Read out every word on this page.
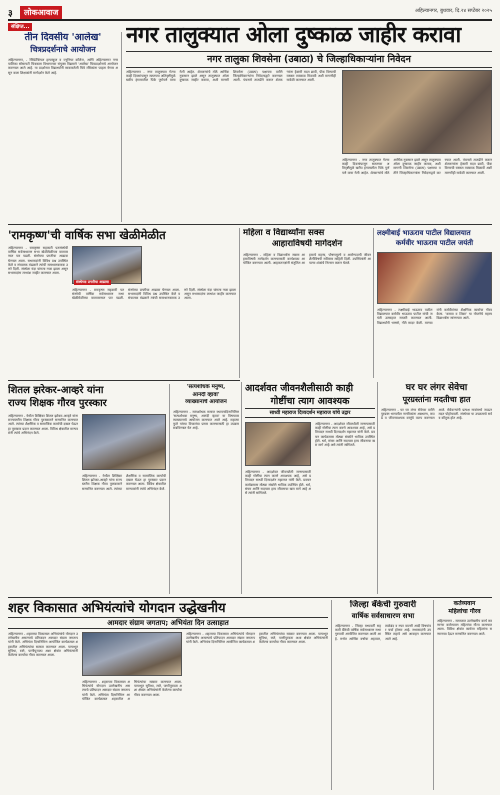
३	लोकआवाज	अहिल्यानगर, बुधवार, दि.२४ सप्टेंबर २०२५
संक्षिप्त...
तीन दिवसीय 'आलेख'
चित्रप्रदर्शनाचे आयोजन
अहिल्यानगर, - रेसिडेन्शियल हायस्कूल व ज्युनियर कॉलेज, आणि अहिल्यानगर नगरपालिका सोसायटी चित्रकला विभागाच्या संयुक्त विद्यमाने 'आलेख' चित्रप्रदर्शनाचे आयोजन करण्यात आले आहे. या प्रदर्शनात विद्यार्थ्यांनी साकारलेली चित्रे रसिकांना पाहता येणार असून कला शिक्षकांनी मार्गदर्शन केले आहे.
नगर तालुक्यात ओला दुष्काळ जाहीर करावा
नगर तालुका शिवसेना (उबाठा) चे जिल्हाधिकाऱ्यांना निवेदन
अहिल्यानगर - नगर तालुक्यात गेल्या काही दिवसांपासून सततच्या अतिवृष्टीमुळे खरीप हंगामातील पिके पूर्णपणे वाया गेली आहेत. शेतकऱ्यांचे मोठे आर्थिक नुकसान झाले असून तालुक्यात ओला दुष्काळ जाहीर करावा, अशी मागणी शिवसेना (उबाठा) पक्षाच्या वतीने जिल्हाधिकाऱ्यांना निवेदनाद्वारे करण्यात आली. पंचनामे तातडीने करून शेतकऱ्यांना हेक्टरी मदत द्यावी, पीक विम्याची रक्कम तात्काळ मिळावी अशी मागणीही यावेळी करण्यात आली.
अहिल्यानगर - नगर तालुक्यात गेल्या काही दिवसांपासून सततच्या अतिवृष्टीमुळे खरीप हंगामातील पिके पूर्णपणे वाया गेली आहेत. शेतकऱ्यांचे मोठे आर्थिक नुकसान झाले असून तालुक्यात ओला दुष्काळ जाहीर करावा, अशी मागणी शिवसेना (उबाठा) पक्षाच्या वतीने जिल्हाधिकाऱ्यांना निवेदनाद्वारे करण्यात आली. पंचनामे तातडीने करून शेतकऱ्यांना हेक्टरी मदत द्यावी, पीक विम्याची रक्कम तात्काळ मिळावी अशी मागणीही यावेळी करण्यात आली.
'रामकृष्ण'ची वार्षिक सभा खेळीमेळीत
संस्थेच्या प्रगतीचा आढावा
अहिल्यानगर - रामकृष्ण सहकारी पतसंस्थेची वार्षिक सर्वसाधारण सभा खेळीमेळीच्या वातावरणात पार पडली. संस्थेच्या प्रगतीचा आढावा घेण्यात आला. सभासदांनी विविध प्रश्न उपस्थित केले व संचालक मंडळाने त्यांची समाधानकारक उत्तरे दिली. संस्थेला यंदा चांगला नफा झाला असून सभासदांना लाभांश जाहीर करण्यात आला.
अहिल्यानगर - रामकृष्ण सहकारी पतसंस्थेची वार्षिक सर्वसाधारण सभा खेळीमेळीच्या वातावरणात पार पडली. संस्थेच्या प्रगतीचा आढावा घेण्यात आला. सभासदांनी विविध प्रश्न उपस्थित केले व संचालक मंडळाने त्यांची समाधानकारक उत्तरे दिली. संस्थेला यंदा चांगला नफा झाला असून सभासदांना लाभांश जाहीर करण्यात आला.
महिला व विद्यार्थ्यांना सक्स
आहाराविषयी मार्गदर्शन
अहिल्यानगर - महिला व विद्यार्थ्यांना सकस आहाराविषयी मार्गदर्शन करण्यासाठी कार्यशाळा आयोजित करण्यात आली. आहारतज्ज्ञांनी संतुलित आहाराचे महत्त्व, पोषणमूल्ये व आरोग्यदायी जीवनशैलीविषयी सविस्तर माहिती दिली. उपस्थितांनी आपल्या शंकांचे निरसन करून घेतले.
लक्ष्मीबाई भाऊराव पाटील विद्यालयात
कर्मवीर भाऊराव पाटील जयंती
अहिल्यानगर - लक्ष्मीबाई भाऊराव पाटील विद्यालयात कर्मवीर भाऊराव पाटील यांची जयंती उत्साहात साजरी करण्यात आली. विद्यार्थ्यांनी भाषणे, गीते सादर केली. मान्यवरांनी कर्मवीरांच्या शैक्षणिक कार्याचा गौरव केला. 'कमवा व शिका' या योजनेचे महत्त्व विद्यार्थ्यांना सांगण्यात आले.
शितल झरेकर-आव्हरे यांना
राज्य शिक्षक गौरव पुरस्कार
अहिल्यानगर - येथील शिक्षिका शितल झरेकर-आव्हरे यांना राज्यस्तरीय शिक्षक गौरव पुरस्काराने सन्मानित करण्यात आले. त्यांच्या शैक्षणिक व सामाजिक कार्याची दखल घेऊन हा पुरस्कार प्रदान करण्यात आला. विविध क्षेत्रातील मान्यवरांनी त्यांचे अभिनंदन केले.
अहिल्यानगर - येथील शिक्षिका शितल झरेकर-आव्हरे यांना राज्यस्तरीय शिक्षक गौरव पुरस्काराने सन्मानित करण्यात आले. त्यांच्या शैक्षणिक व सामाजिक कार्याची दखल घेऊन हा पुरस्कार प्रदान करण्यात आला. विविध क्षेत्रातील मान्यवरांनी त्यांचे अभिनंदन केले.
'सत्यशोधक मनुष्य,
आनंदी व्हावा'
व्याख्यानाचे आयोजन
अहिल्यानगर - सत्यशोधक समाज स्थापनादिनानिमित्त 'सत्यशोधक मनुष्य, आनंदी व्हावा' या विषयावर व्याख्यानाचे आयोजन करण्यात आले आहे. महात्मा फुले यांच्या विचारांचा प्रसार करण्यासाठी हा उपक्रम राबविण्यात येत आहे.
आदर्शवत जीवनशैलीसाठी काही
गोष्टींचा त्याग आवश्यक
साध्वी महाराज दिव्यदर्शन महाराज यांचे उद्गार
अहिल्यानगर - आदर्शवत जीवनशैली जगण्यासाठी काही गोष्टींचा त्याग करणे आवश्यक आहे, असे प्रतिपादन साध्वी दिव्यदर्शन महाराज यांनी केले. प्रवचन कार्यक्रमास मोठ्या संख्येने भाविक उपस्थित होते. धर्म, संयम आणि सदाचार हाच जीवनाचा खरा मार्ग आहे असे त्यांनी सांगितले.
अहिल्यानगर - आदर्शवत जीवनशैली जगण्यासाठी काही गोष्टींचा त्याग करणे आवश्यक आहे, असे प्रतिपादन साध्वी दिव्यदर्शन महाराज यांनी केले. प्रवचन कार्यक्रमास मोठ्या संख्येने भाविक उपस्थित होते. धर्म, संयम आणि सदाचार हाच जीवनाचा खरा मार्ग आहे असे त्यांनी सांगितले.
घर घर लंगर सेवेचा
पूरग्रस्तांना मदतीचा हात
अहिल्यानगर - घर घर लंगर सेवेच्या वतीने पूरग्रस्त भागातील नागरिकांना अन्नधान्य, कपडे व जीवनावश्यक वस्तूंचे वाटप करण्यात आले. सेवेकऱ्यांनी प्रत्यक्ष गावांमध्ये जाऊन मदत पोहोचवली. संस्थेच्या या उपक्रमाचे सर्वत्र कौतुक होत आहे.
शहर विकासात अभियंत्यांचे योगदान उद्धेखनीय
आमदार संग्राम जगताप; अभियंता दिन उत्साहात
अहिल्यानगर - शहराच्या विकासात अभियंत्यांचे योगदान उल्लेखनीय असल्याचे प्रतिपादन आमदार संग्राम जगताप यांनी केले. अभियंता दिनानिमित्त आयोजित कार्यक्रमात शहरातील अभियंत्यांचा सत्कार करण्यात आला. पायाभूत सुविधा, रस्ते, पाणीपुरवठा अशा क्षेत्रांत अभियंत्यांनी केलेल्या कार्याचा गौरव करण्यात आला.
अहिल्यानगर - शहराच्या विकासात अभियंत्यांचे योगदान उल्लेखनीय असल्याचे प्रतिपादन आमदार संग्राम जगताप यांनी केले. अभियंता दिनानिमित्त आयोजित कार्यक्रमात शहरातील अभियंत्यांचा सत्कार करण्यात आला. पायाभूत सुविधा, रस्ते, पाणीपुरवठा अशा क्षेत्रांत अभियंत्यांनी केलेल्या कार्याचा गौरव करण्यात आला.
अहिल्यानगर - शहराच्या विकासात अभियंत्यांचे योगदान उल्लेखनीय असल्याचे प्रतिपादन आमदार संग्राम जगताप यांनी केले. अभियंता दिनानिमित्त आयोजित कार्यक्रमात शहरातील अभियंत्यांचा सत्कार करण्यात आला. पायाभूत सुविधा, रस्ते, पाणीपुरवठा अशा क्षेत्रांत अभियंत्यांनी केलेल्या कार्याचा गौरव करण्यात आला.
जिल्हा बँकेची गुरुवारी
वार्षिक सर्वसाधारण सभा
अहिल्यानगर - जिल्हा मध्यवर्ती सहकारी बँकेची वार्षिक सर्वसाधारण सभा गुरुवारी आयोजित करण्यात आली आहे. सभेत आर्थिक वर्षाचा अहवाल, ताळेबंद व नफा वाटणी आदी विषयांवर चर्चा होणार आहे. सभासदांनी उपस्थित राहावे असे आवाहन करण्यात आले आहे.
कर्तव्यवान
महिलांचा गौरव
अहिल्यानगर - समाजात उल्लेखनीय कार्य करणाऱ्या कर्तव्यवान महिलांचा गौरव करण्यात आला. विविध क्षेत्रांत कार्यरत महिलांना सन्मानपत्र देऊन सन्मानित करण्यात आले.
